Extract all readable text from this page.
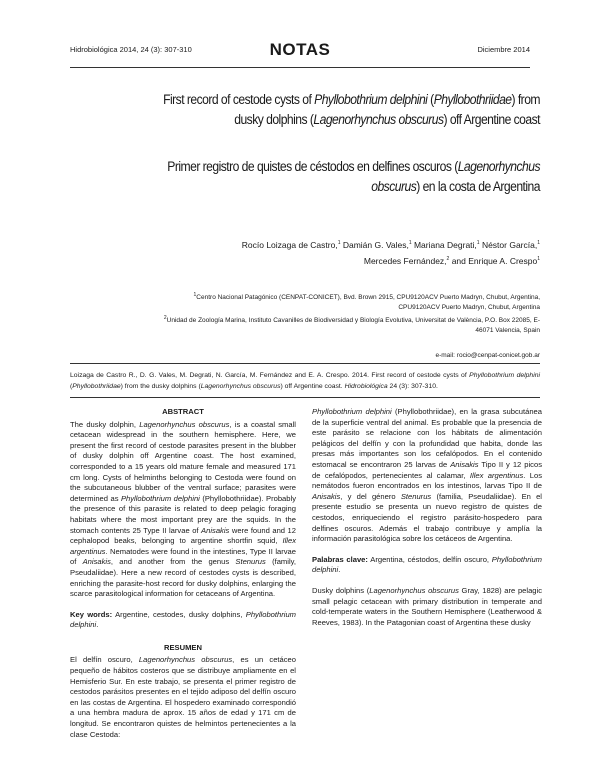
Hidrobiológica 2014, 24 (3): 307-310	NOTAS	Diciembre 2014
First record of cestode cysts of Phyllobothrium delphini (Phyllobothriidae) from dusky dolphins (Lagenorhynchus obscurus) off Argentine coast
Primer registro de quistes de céstodos en delfines oscuros (Lagenorhynchus obscurus) en la costa de Argentina
Rocío Loizaga de Castro,$^1$ Damián G. Vales,$^1$ Mariana Degrati,$^1$ Néstor García,$^1$
Mercedes Fernández,$^2$ and Enrique A. Crespo$^1$
$^1$Centro Nacional Patagónico (CENPAT-CONICET), Bvd. Brown 2915, CPU9120ACV Puerto Madryn, Chubut, Argentina, CPU9120ACV Puerto Madryn, Chubut, Argentina
$^2$Unidad de Zoología Marina, Instituto Cavanilles de Biodiversidad y Biología Evolutiva, Universitat de València, P.O. Box 22085, E-46071 Valencia, Spain
e-mail: rocio@cenpat-conicet.gob.ar
Loizaga de Castro R., D. G. Vales, M. Degrati, N. García, M. Fernández and E. A. Crespo. 2014. First record of cestode cysts of Phyllobothrium delphini (Phyllobothriidae) from the dusky dolphins (Lagenorhynchus obscurus) off Argentine coast. Hidrobiológica 24 (3): 307-310.

ABSTRACT

The dusky dolphin, Lagenorhynchus obscurus, is a coastal small cetacean widespread in the southern hemisphere. Here, we present the first record of cestode parasites present in the blubber of dusky dolphin off Argentine coast. The host examined, corresponded to a 15 years old mature female and measured 171 cm long. Cysts of helminths belonging to Cestoda were found on the subcutaneous blubber of the ventral surface; parasites were determined as Phyllobothrium delphini (Phyllobothriidae). Probably the presence of this parasite is related to deep pelagic foraging habitats where the most important prey are the squids. In the stomach contents 25 Type II larvae of Anisakis were found and 12 cephalopod beaks, belonging to argentine shortfin squid, Illex argentinus. Nematodes were found in the intestines, Type II larvae of Anisakis, and another from the genus Stenurus (family, Pseudaliidae). Here a new record of cestodes cysts is described, enriching the parasite-host record for dusky dolphins, enlarging the scarce parasitological information for cetaceans of Argentina.

Key words: Argentine, cestodes, dusky dolphins, Phyllobothrium delphini.

RESUMEN

El delfín oscuro, Lagenorhynchus obscurus, es un cetáceo pequeño de hábitos costeros que se distribuye ampliamente en el Hemisferio Sur. En este trabajo, se presenta el primer registro de cestodos parásitos presentes en el tejido adiposo del delfín oscuro en las costas de Argentina. El hospedero examinado correspondió a una hembra madura de aprox. 15 años de edad y 171 cm de longitud. Se encontraron quistes de helmintos pertenecientes a la clase Cestoda:

Phyllobothrium delphini (Phyllobothriidae), en la grasa subcutánea de la superficie ventral del animal. Es probable que la presencia de este parásito se relacione con los hábitats de alimentación pelágicos del delfín y con la profundidad que habita, donde las presas más importantes son los cefalópodos. En el contenido estomacal se encontraron 25 larvas de Anisakis Tipo II y 12 picos de cefalópodos, pertenecientes al calamar, Illex argentinus. Los nemátodos fueron encontrados en los intestinos, larvas Tipo II de Anisakis, y del género Stenurus (familia, Pseudaliidae). En el presente estudio se presenta un nuevo registro de quistes de cestodos, enriqueciendo el registro parásito-hospedero para delfines oscuros. Además el trabajo contribuye y amplía la información parasitológica sobre los cetáceos de Argentina.

Palabras clave: Argentina, céstodos, delfín oscuro, Phyllobothrium delphini.

Dusky dolphins (Lagenorhynchus obscurus Gray, 1828) are pelagic small pelagic cetacean with primary distribution in temperate and cold-temperate waters in the Southern Hemisphere (Leatherwood & Reeves, 1983). In the Patagonian coast of Argentina these dusky
